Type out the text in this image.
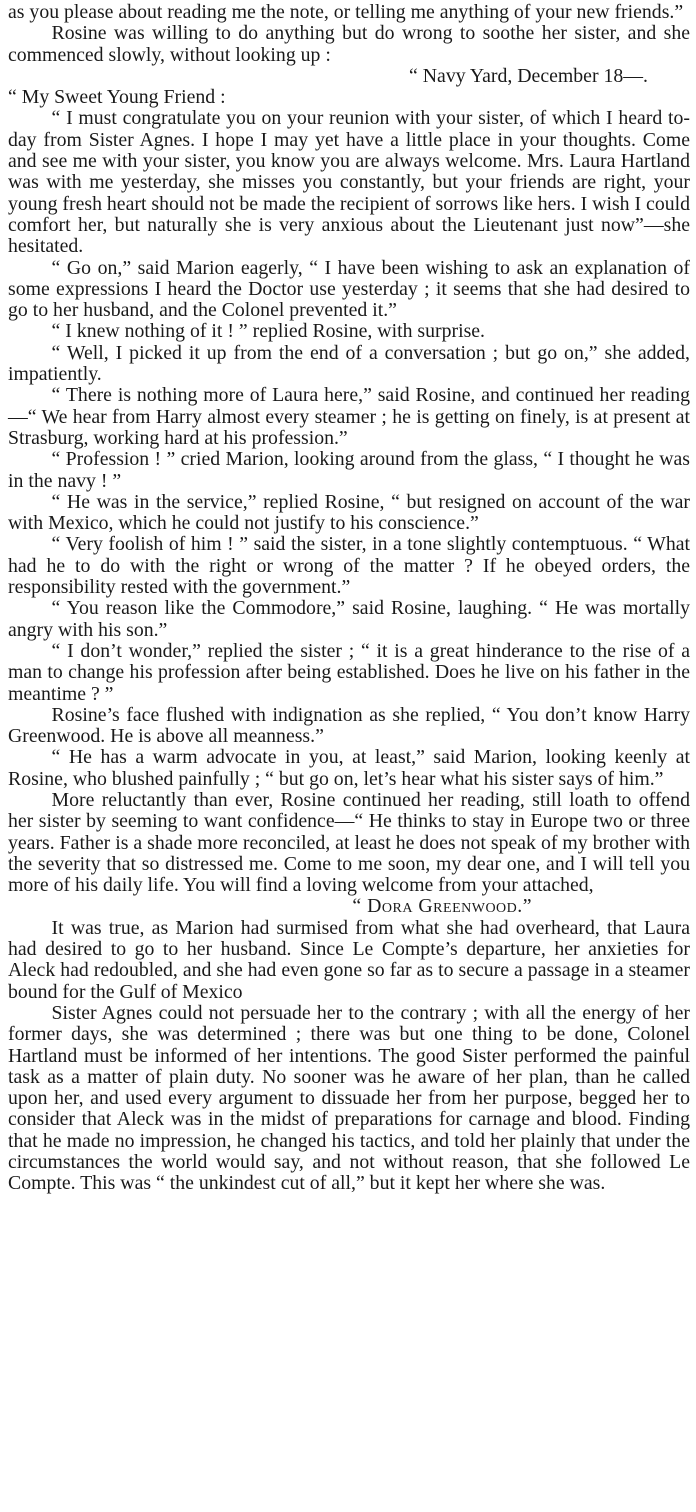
as you please about reading me the note, or telling me anything of your new friends.”

Rosine was willing to do anything but do wrong to soothe her sister, and she commenced slowly, without looking up :

“ Navy Yard, December 18—.

“ My Sweet Young Friend :

“ I must congratulate you on your reunion with your sister, of which I heard to-day from Sister Agnes. I hope I may yet have a little place in your thoughts. Come and see me with your sister, you know you are always welcome. Mrs. Laura Hartland was with me yesterday, she misses you constantly, but your friends are right, your young fresh heart should not be made the recipient of sorrows like hers. I wish I could comfort her, but naturally she is very anxious about the Lieutenant just now”—she hesitated.

“ Go on,” said Marion eagerly, “ I have been wishing to ask an explanation of some expressions I heard the Doctor use yesterday ; it seems that she had desired to go to her husband, and the Colonel prevented it.”

“ I knew nothing of it ! ” replied Rosine, with surprise.

“ Well, I picked it up from the end of a conversation ; but go on,” she added, impatiently.

“ There is nothing more of Laura here,” said Rosine, and continued her reading—“ We hear from Harry almost every steamer ; he is getting on finely, is at present at Strasburg, working hard at his profession.”

“ Profession ! ” cried Marion, looking around from the glass, “ I thought he was in the navy ! ”

“ He was in the service,” replied Rosine, “ but resigned on account of the war with Mexico, which he could not justify to his conscience.”

“ Very foolish of him ! ” said the sister, in a tone slightly contemptuous. “ What had he to do with the right or wrong of the matter ? If he obeyed orders, the responsibility rested with the government.”

“ You reason like the Commodore,” said Rosine, laughing. “ He was mortally angry with his son.”

“ I don’t wonder,” replied the sister ; “ it is a great hinderance to the rise of a man to change his profession after being established. Does he live on his father in the meantime ? ”

Rosine’s face flushed with indignation as she replied, “ You don’t know Harry Greenwood. He is above all meanness.”

“ He has a warm advocate in you, at least,” said Marion, looking keenly at Rosine, who blushed painfully ; “ but go on, let’s hear what his sister says of him.”

More reluctantly than ever, Rosine continued her reading, still loath to offend her sister by seeming to want confidence—“ He thinks to stay in Europe two or three years. Father is a shade more reconciled, at least he does not speak of my brother with the severity that so distressed me. Come to me soon, my dear one, and I will tell you more of his daily life. You will find a loving welcome from your attached,

“ Dora Greenwood.”

It was true, as Marion had surmised from what she had overheard, that Laura had desired to go to her husband. Since Le Compte’s departure, her anxieties for Aleck had redoubled, and she had even gone so far as to secure a passage in a steamer bound for the Gulf of Mexico

Sister Agnes could not persuade her to the contrary ; with all the energy of her former days, she was determined ; there was but one thing to be done, Colonel Hartland must be informed of her intentions. The good Sister performed the painful task as a matter of plain duty. No sooner was he aware of her plan, than he called upon her, and used every argument to dissuade her from her purpose, begged her to consider that Aleck was in the midst of preparations for carnage and blood. Finding that he made no impression, he changed his tactics, and told her plainly that under the circumstances the world would say, and not without reason, that she followed Le Compte. This was “ the unkindest cut of all,” but it kept her where she was.
